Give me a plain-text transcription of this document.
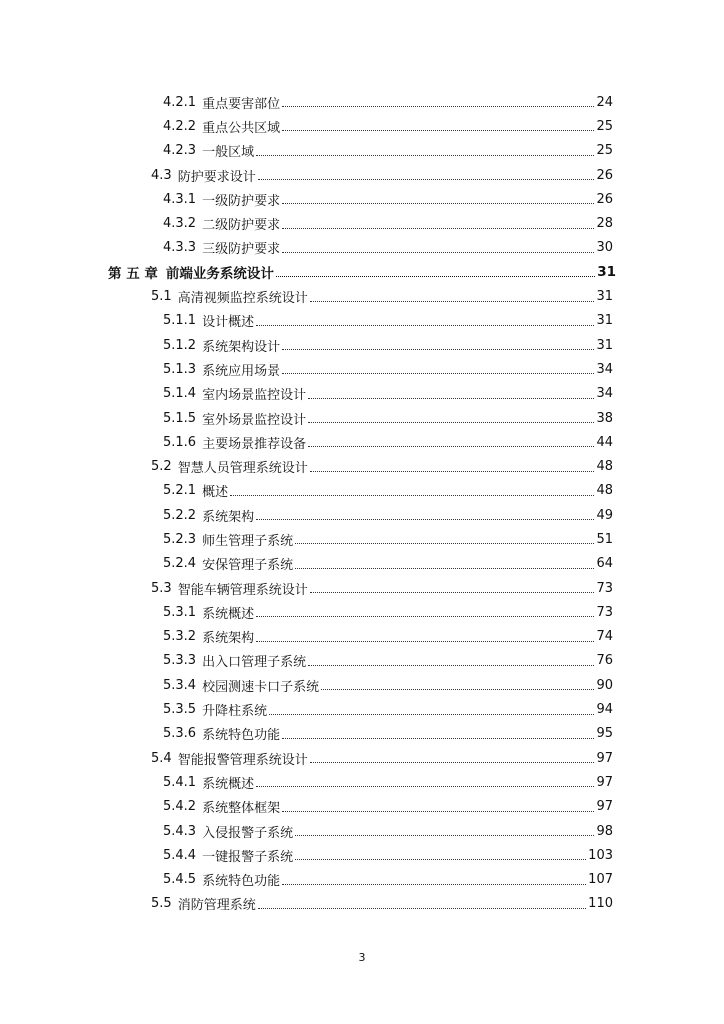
4.2.1 重点要害部位	24
4.2.2 重点公共区域	25
4.2.3 一般区域	25
4.3 防护要求设计	26
4.3.1 一级防护要求	26
4.3.2 二级防护要求	28
4.3.3 三级防护要求	30
第 五 章 前端业务系统设计	31
5.1 高清视频监控系统设计	31
5.1.1 设计概述	31
5.1.2 系统架构设计	31
5.1.3 系统应用场景	34
5.1.4 室内场景监控设计	34
5.1.5 室外场景监控设计	38
5.1.6 主要场景推荐设备	44
5.2 智慧人员管理系统设计	48
5.2.1 概述	48
5.2.2 系统架构	49
5.2.3 师生管理子系统	51
5.2.4 安保管理子系统	64
5.3 智能车辆管理系统设计	73
5.3.1 系统概述	73
5.3.2 系统架构	74
5.3.3 出入口管理子系统	76
5.3.4 校园测速卡口子系统	90
5.3.5 升降柱系统	94
5.3.6 系统特色功能	95
5.4 智能报警管理系统设计	97
5.4.1 系统概述	97
5.4.2 系统整体框架	97
5.4.3 入侵报警子系统	98
5.4.4 一键报警子系统	103
5.4.5 系统特色功能	107
5.5 消防管理系统	110
3
